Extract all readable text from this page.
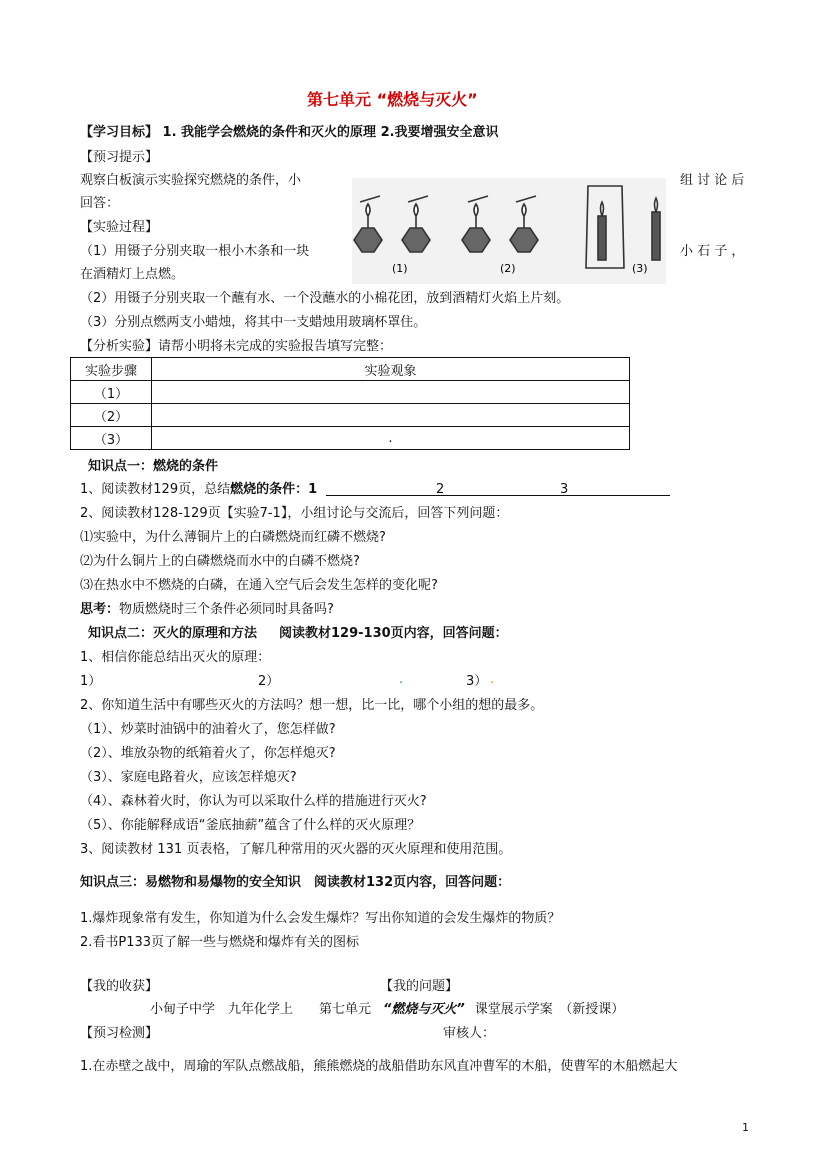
第七单元 “燃烧与灭火”
【学习目标】 1. 我能学会燃烧的条件和灭火的原理 2.我要增强安全意识
【预习提示】
观察白板演示实验探究燃烧的条件，小	组 讨 论 后
回答：
【实验过程】
（1）用镊子分别夹取一根小木条和一块	小 石 子 ，
在酒精灯上点燃。	(1)	(2)	(3)
（2）用镊子分别夹取一个蘸有水、一个没蘸水的小棉花团，放到酒精灯火焰上片刻。
（3）分别点燃两支小蜡烛，将其中一支蜡烛用玻璃杯罩住。
【分析实验】请帮小明将未完成的实验报告填写完整：
实验步骤	实验观象
（1）	
（2）	
（3）	.
知识点一：燃烧的条件
1、阅读教材129页，总结燃烧的条件：1	2	3
2、阅读教材128-129页【实验7-1】，小组讨论与交流后，回答下列问题：
⑴实验中，为什么薄铜片上的白磷燃烧而红磷不燃烧?
⑵为什么铜片上的白磷燃烧而水中的白磷不燃烧?
⑶在热水中不燃烧的白磷，在通入空气后会发生怎样的变化呢?
思考：物质燃烧时三个条件必须同时具备吗?
知识点二：灭火的原理和方法 阅读教材129-130页内容，回答问题：
1、相信你能总结出灭火的原理：
1）	2）	.	3） .
2、你知道生活中有哪些灭火的方法吗？想一想，比一比，哪个小组的想的最多。
（1）、炒菜时油锅中的油着火了，您怎样做?
（2）、堆放杂物的纸箱着火了，你怎样熄灭?
（3）、家庭电路着火，应该怎样熄灭?
（4）、森林着火时，你认为可以采取什么样的措施进行灭火?
（5）、你能解释成语“釜底抽薪”蕴含了什么样的灭火原理？
3、阅读教材 131 页表格，了解几种常用的灭火器的灭火原理和使用范围。
知识点三：易燃物和易爆物的安全知识　阅读教材132页内容，回答问题：
1.爆炸现象常有发生，你知道为什么会发生爆炸？写出你知道的会发生爆炸的物质？
2.看书P133页了解一些与燃烧和爆炸有关的图标
【我的收获】	【我的问题】
小甸子中学　九年化学上　　第七单元 “燃烧与灭火” 课堂展示学案　（新授课）
【预习检测】	审核人：
1.在赤壁之战中，周瑜的军队点燃战船，熊熊燃烧的战船借助东风直冲曹军的木船，使曹军的木船燃起大
1
